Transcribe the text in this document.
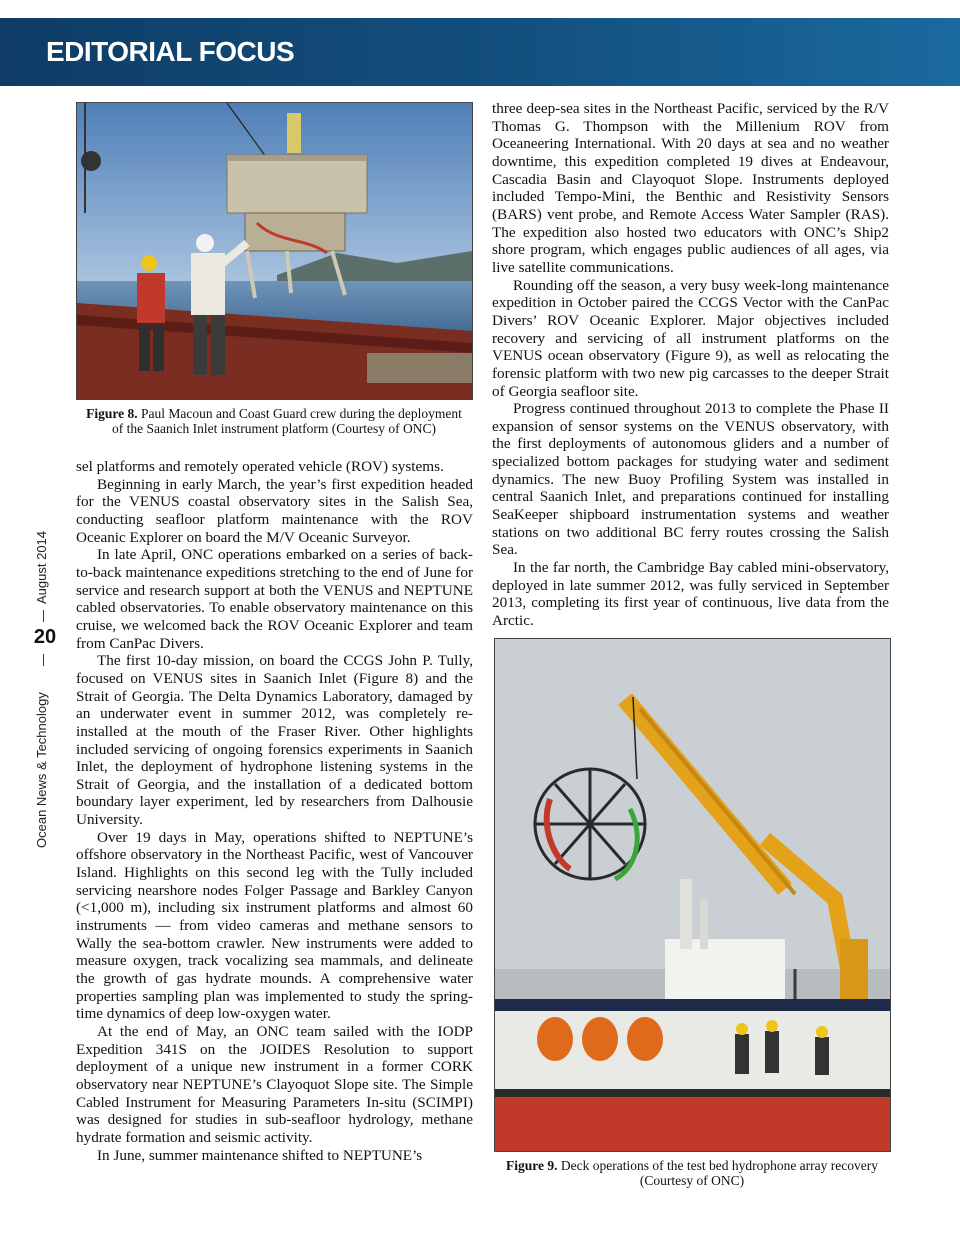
EDITORIAL FOCUS
August 2014
20
Ocean News & Technology
Figure 8. Paul Macoun and Coast Guard crew during the deployment of the Saanich Inlet instrument platform (Courtesy of ONC)

sel platforms and remotely operated vehicle (ROV) systems.

Beginning in early March, the year’s first expedition headed for the VENUS coastal observatory sites in the Salish Sea, conducting seafloor platform maintenance with the ROV Oceanic Explorer on board the M/V Oceanic Surveyor.

In late April, ONC operations embarked on a series of back-to-back maintenance expeditions stretching to the end of June for service and research support at both the VENUS and NEPTUNE cabled observatories. To enable observatory maintenance on this cruise, we welcomed back the ROV Oceanic Explorer and team from CanPac Divers.

The first 10-day mission, on board the CCGS John P. Tully, focused on VENUS sites in Saanich Inlet (Figure 8) and the Strait of Georgia. The Delta Dynamics Laboratory, damaged by an underwater event in summer 2012, was completely re-installed at the mouth of the Fraser River. Other highlights included servicing of ongoing forensics experiments in Saanich Inlet, the deployment of hydrophone listening systems in the Strait of Georgia, and the installation of a dedicated bottom boundary layer experiment, led by researchers from Dalhousie University.

Over 19 days in May, operations shifted to NEPTUNE’s offshore observatory in the Northeast Pacific, west of Vancouver Island. Highlights on this second leg with the Tully included servicing nearshore nodes Folger Passage and Barkley Canyon (<1,000 m), including six instrument platforms and almost 60 instruments — from video cameras and methane sensors to Wally the sea-bottom crawler. New instruments were added to measure oxygen, track vocalizing sea mammals, and delineate the growth of gas hydrate mounds. A comprehensive water properties sampling plan was implemented to study the spring-time dynamics of deep low-oxygen water.

At the end of May, an ONC team sailed with the IODP Expedition 341S on the JOIDES Resolution to support deployment of a unique new instrument in a former CORK observatory near NEPTUNE’s Clayoquot Slope site. The Simple Cabled Instrument for Measuring Parameters In-situ (SCIMPI) was designed for studies in sub-seafloor hydrology, methane hydrate formation and seismic activity.

In June, summer maintenance shifted to NEPTUNE’s

three deep-sea sites in the Northeast Pacific, serviced by the R/V Thomas G. Thompson with the Millenium ROV from Oceaneering International. With 20 days at sea and no weather downtime, this expedition completed 19 dives at Endeavour, Cascadia Basin and Clayoquot Slope. Instruments deployed included Tempo-Mini, the Benthic and Resistivity Sensors (BARS) vent probe, and Remote Access Water Sampler (RAS). The expedition also hosted two educators with ONC’s Ship2 shore program, which engages public audiences of all ages, via live satellite communications.

Rounding off the season, a very busy week-long maintenance expedition in October paired the CCGS Vector with the CanPac Divers’ ROV Oceanic Explorer. Major objectives included recovery and servicing of all instrument platforms on the VENUS ocean observatory (Figure 9), as well as relocating the forensic platform with two new pig carcasses to the deeper Strait of Georgia seafloor site.

Progress continued throughout 2013 to complete the Phase II expansion of sensor systems on the VENUS observatory, with the first deployments of autonomous gliders and a number of specialized bottom packages for studying water and sediment dynamics. The new Buoy Profiling System was installed in central Saanich Inlet, and preparations continued for installing SeaKeeper shipboard instrumentation systems and weather stations on two additional BC ferry routes crossing the Salish Sea.

In the far north, the Cambridge Bay cabled mini-observatory, deployed in late summer 2012, was fully serviced in September 2013, completing its first year of continuous, live data from the Arctic.

Figure 9. Deck operations of the test bed hydrophone array recovery (Courtesy of ONC)
